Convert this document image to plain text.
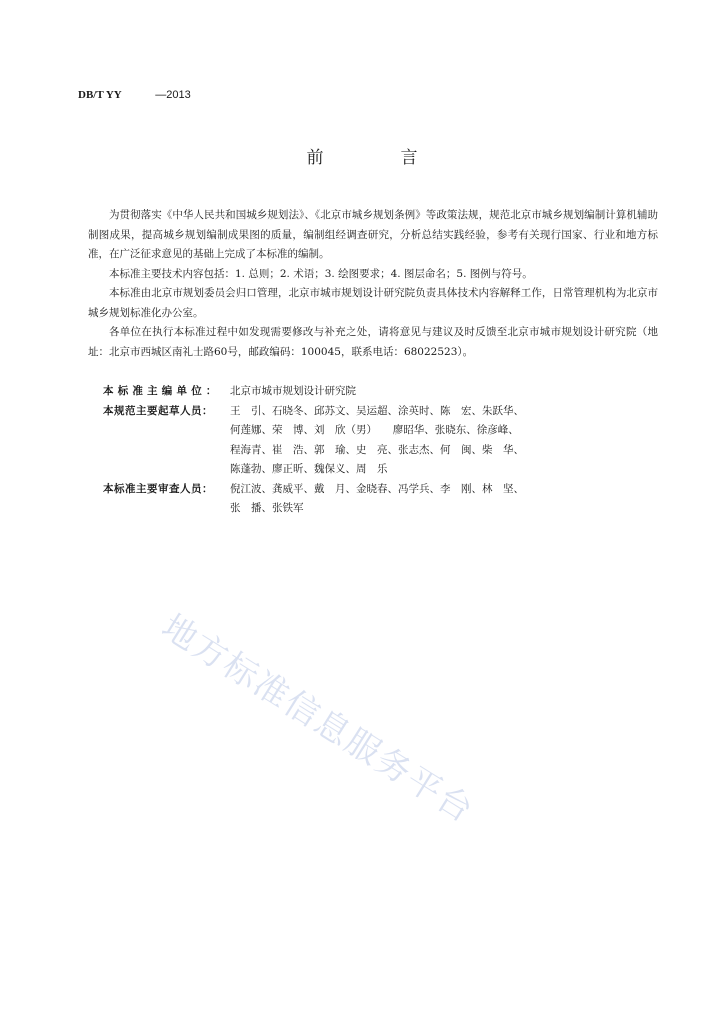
DB/T YY	—2013
前　言

为贯彻落实《中华人民共和国城乡规划法》、《北京市城乡规划条例》等政策法规，规范北京市城乡规划编制计算机辅助制图成果，提高城乡规划编制成果图的质量，编制组经调查研究，分析总结实践经验，参考有关现行国家、行业和地方标准，在广泛征求意见的基础上完成了本标准的编制。

本标准主要技术内容包括：1. 总则；2. 术语；3. 绘图要求；4. 图层命名；5. 图例与符号。

本标准由北京市规划委员会归口管理，北京市城市规划设计研究院负责具体技术内容解释工作，日常管理机构为北京市城乡规划标准化办公室。

各单位在执行本标准过程中如发现需要修改与补充之处，请将意见与建议及时反馈至北京市城市规划设计研究院（地址：北京市西城区南礼士路60号，邮政编码：100045，联系电话：68022523）。

本标准主编单位： 北京市城市规划设计研究院
本规范主要起草人员：	王　引、石晓冬、邱苏文、吴运超、涂英时、陈　宏、朱跃华、
何莲娜、荣　博、刘　欣（男）　　廖昭华、张晓东、徐彦峰、
程海青、崔　浩、郭　瑜、史　亮、张志杰、何　闽、柴　华、
陈蓬勃、廖正昕、魏保义、周　乐
本标准主要审查人员：	倪江波、龚威平、戴　月、金晓春、冯学兵、李　刚、林　坚、
张　播、张铁军
地方标准信息服务平台
